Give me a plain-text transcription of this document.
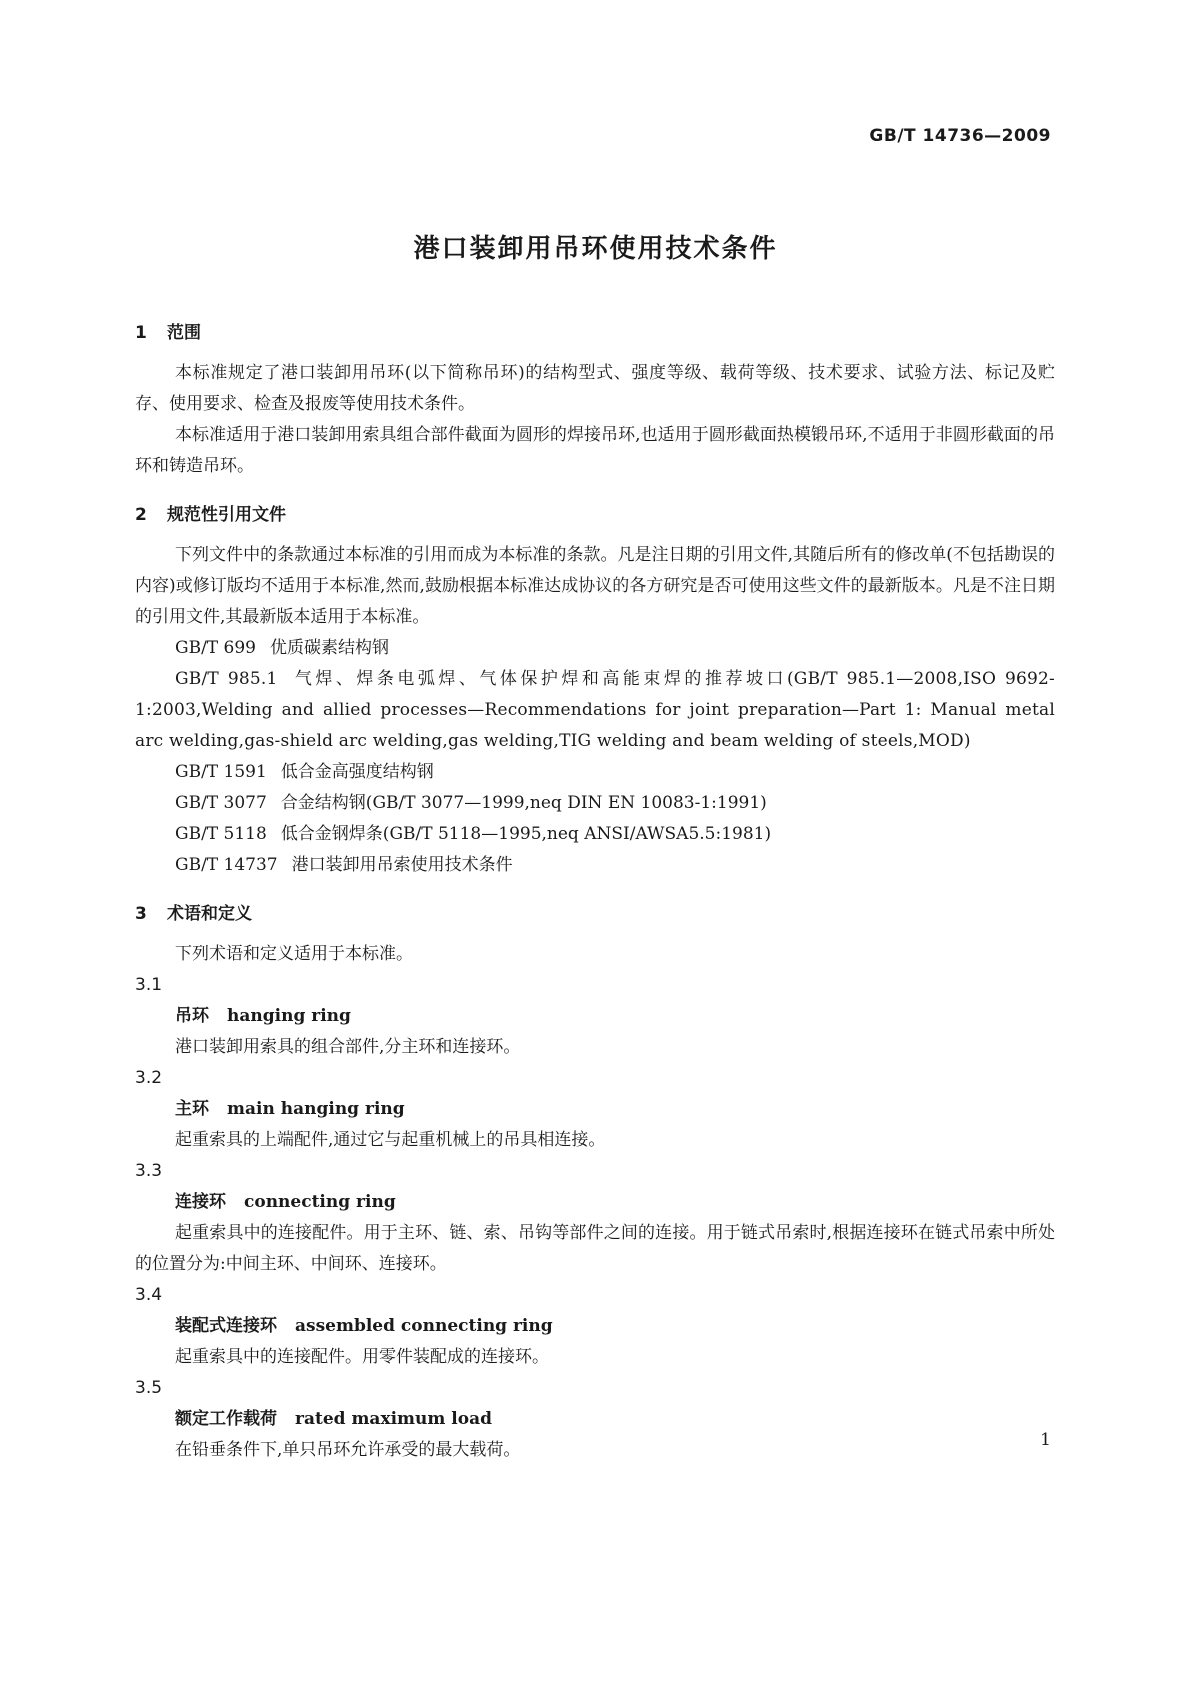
GB/T 14736—2009
港口装卸用吊环使用技术条件
1 范围

本标准规定了港口装卸用吊环(以下简称吊环)的结构型式、强度等级、载荷等级、技术要求、试验方法、标记及贮存、使用要求、检查及报废等使用技术条件。

本标准适用于港口装卸用索具组合部件截面为圆形的焊接吊环,也适用于圆形截面热模锻吊环,不适用于非圆形截面的吊环和铸造吊环。

2 规范性引用文件

下列文件中的条款通过本标准的引用而成为本标准的条款。凡是注日期的引用文件,其随后所有的修改单(不包括勘误的内容)或修订版均不适用于本标准,然而,鼓励根据本标准达成协议的各方研究是否可使用这些文件的最新版本。凡是不注日期的引用文件,其最新版本适用于本标准。

GB/T 699 优质碳素结构钢

GB/T 985.1 气焊、焊条电弧焊、气体保护焊和高能束焊的推荐坡口(GB/T 985.1—2008,ISO 9692-1:2003,Welding and allied processes—Recommendations for joint preparation—Part 1: Manual metal arc welding,gas-shield arc welding,gas welding,TIG welding and beam welding of steels,MOD)

GB/T 1591 低合金高强度结构钢

GB/T 3077 合金结构钢(GB/T 3077—1999,neq DIN EN 10083-1:1991)

GB/T 5118 低合金钢焊条(GB/T 5118—1995,neq ANSI/AWSA5.5:1981)

GB/T 14737 港口装卸用吊索使用技术条件

3 术语和定义

下列术语和定义适用于本标准。

3.1

吊环 hanging ring

港口装卸用索具的组合部件,分主环和连接环。

3.2

主环 main hanging ring

起重索具的上端配件,通过它与起重机械上的吊具相连接。

3.3

连接环 connecting ring

起重索具中的连接配件。用于主环、链、索、吊钩等部件之间的连接。用于链式吊索时,根据连接环在链式吊索中所处的位置分为:中间主环、中间环、连接环。

3.4

装配式连接环 assembled connecting ring

起重索具中的连接配件。用零件装配成的连接环。

3.5

额定工作载荷 rated maximum load

在铅垂条件下,单只吊环允许承受的最大载荷。	1
